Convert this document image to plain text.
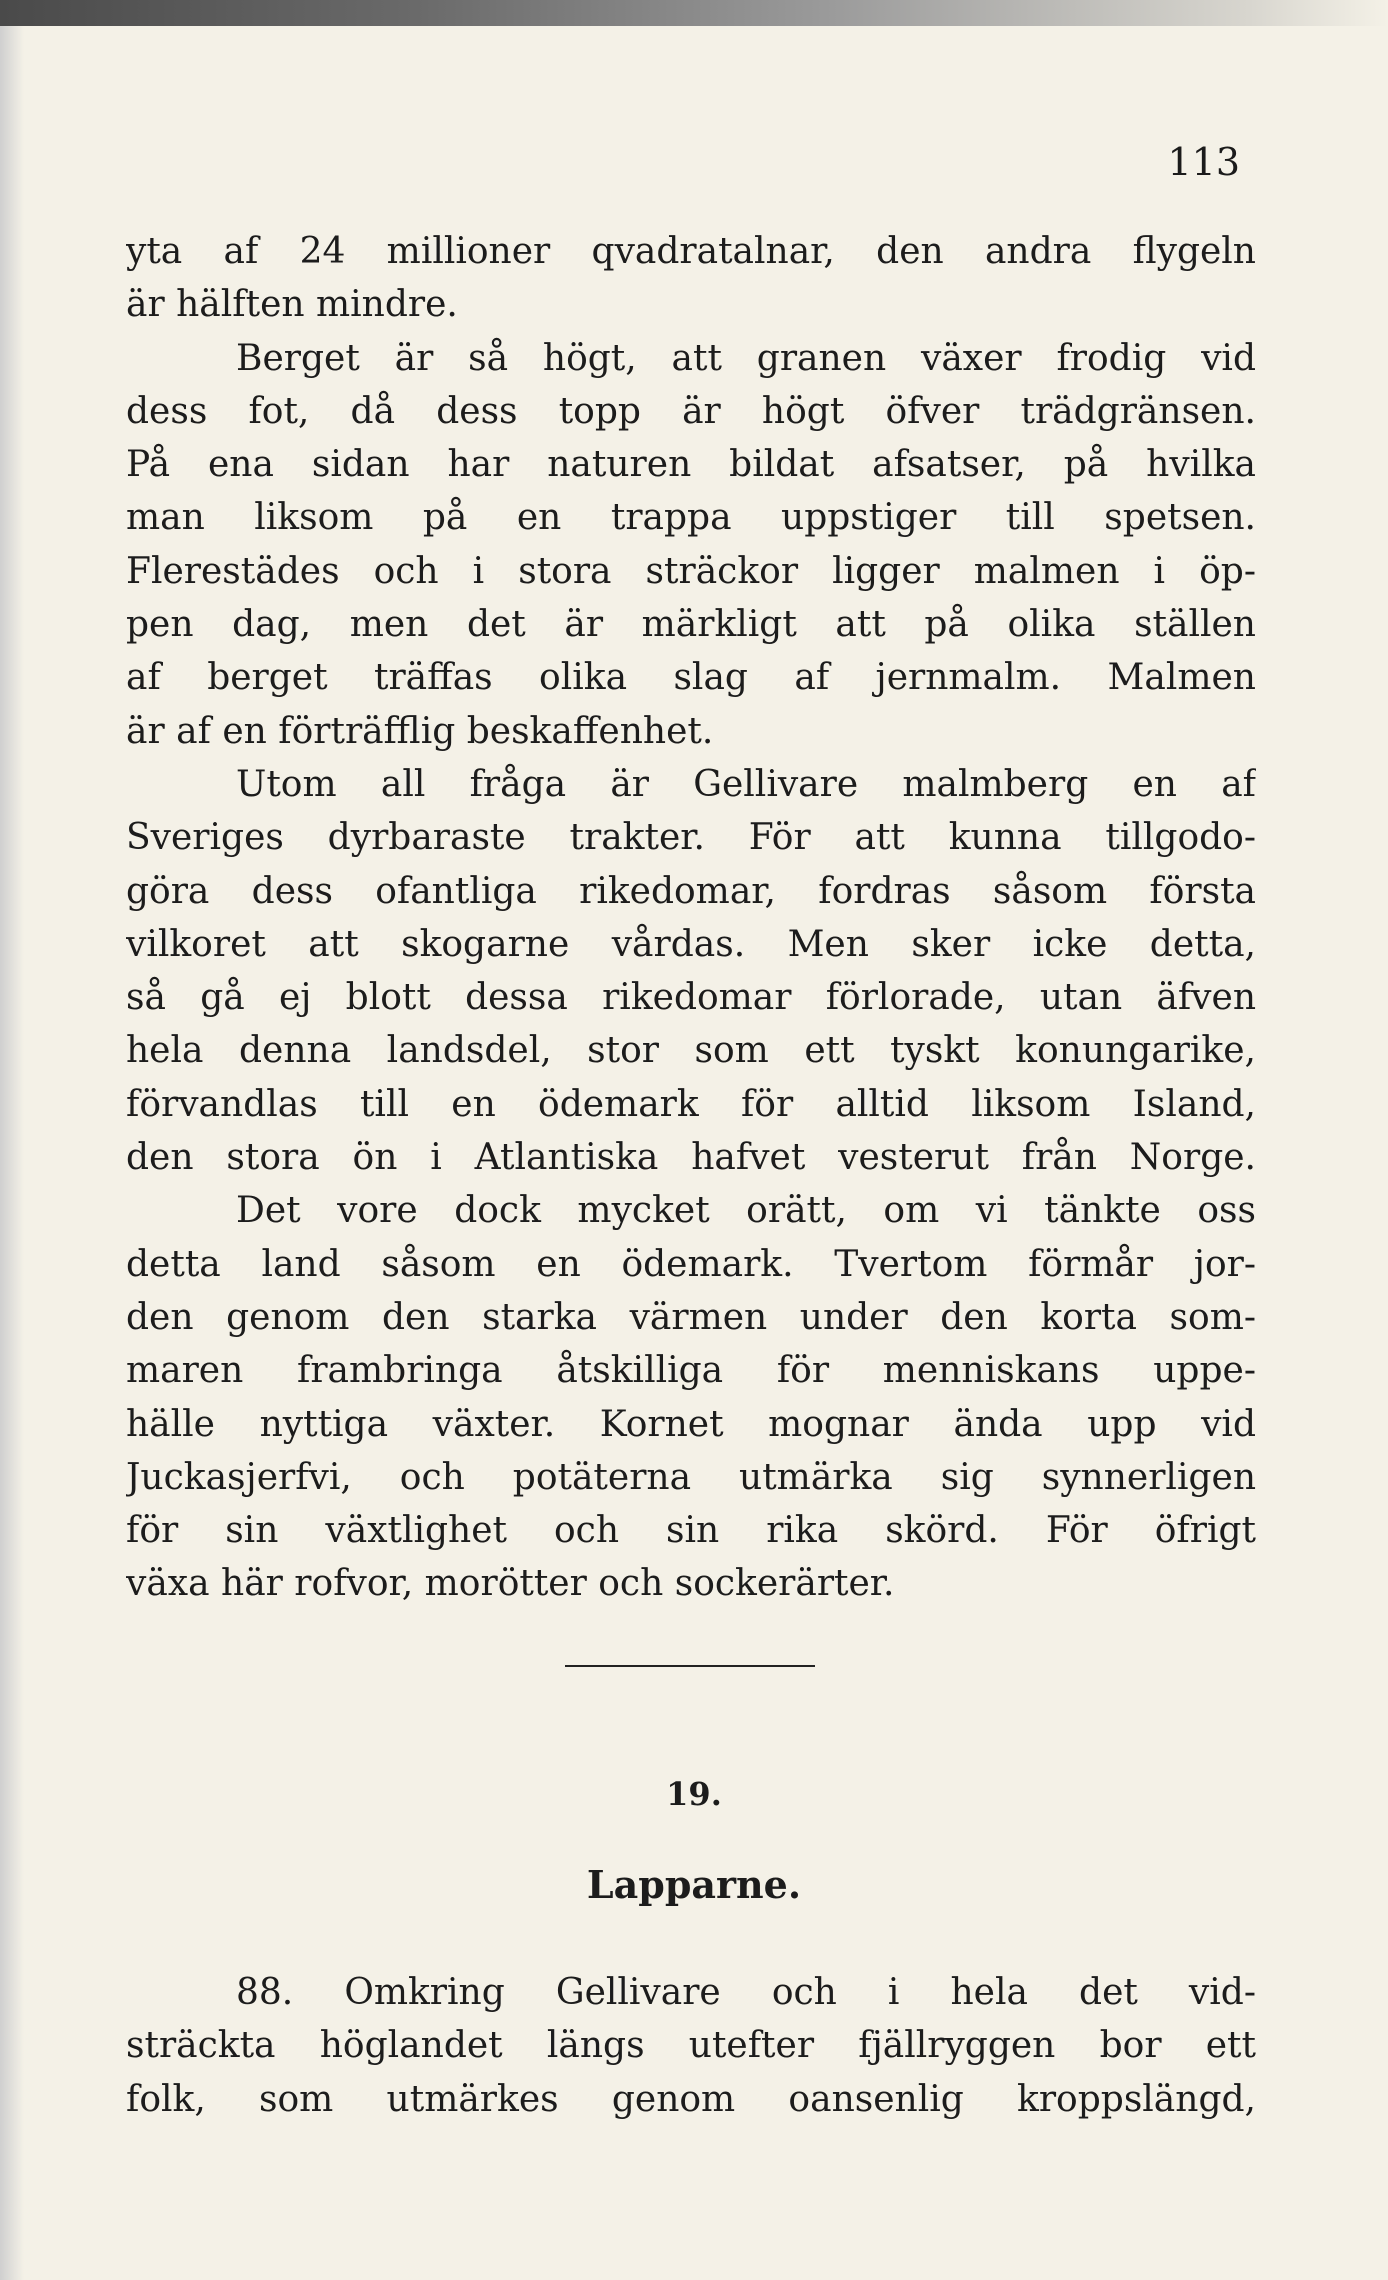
113
yta af 24 millioner qvadratalnar, den andra flygeln
är hälften mindre.
Berget är så högt, att granen växer frodig vid
dess fot, då dess topp är högt öfver trädgränsen.
På ena sidan har naturen bildat afsatser, på hvilka
man liksom på en trappa uppstiger till spetsen.
Flerestädes och i stora sträckor ligger malmen i öp-
pen dag, men det är märkligt att på olika ställen
af berget träffas olika slag af jernmalm. Malmen
är af en förträfflig beskaffenhet.
Utom all fråga är Gellivare malmberg en af
Sveriges dyrbaraste trakter. För att kunna tillgodo-
göra dess ofantliga rikedomar, fordras såsom första
vilkoret att skogarne vårdas. Men sker icke detta,
så gå ej blott dessa rikedomar förlorade, utan äfven
hela denna landsdel, stor som ett tyskt konungarike,
förvandlas till en ödemark för alltid liksom Island,
den stora ön i Atlantiska hafvet vesterut från Norge.
Det vore dock mycket orätt, om vi tänkte oss
detta land såsom en ödemark. Tvertom förmår jor-
den genom den starka värmen under den korta som-
maren frambringa åtskilliga för menniskans uppe-
hälle nyttiga växter. Kornet mognar ända upp vid
Juckasjerfvi, och potäterna utmärka sig synnerligen
för sin växtlighet och sin rika skörd. För öfrigt
växa här rofvor, morötter och sockerärter.
19.
Lapparne.
88. Omkring Gellivare och i hela det vid-
sträckta höglandet längs utefter fjällryggen bor ett
folk, som utmärkes genom oansenlig kroppslängd,
